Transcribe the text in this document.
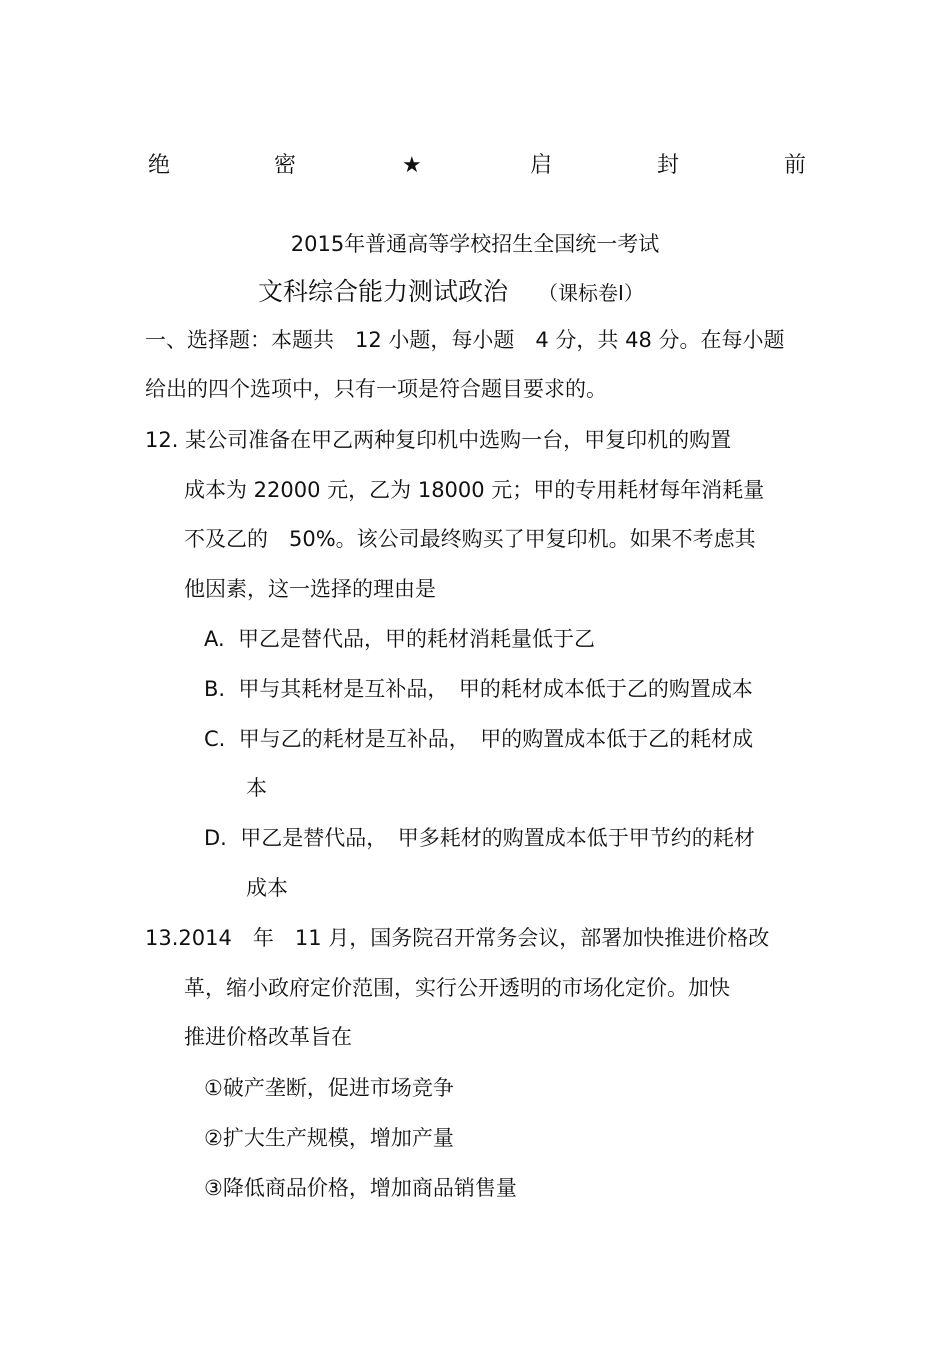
绝	密	★	启	封	前
2015年普通高等学校招生全国统一考试
文科综合能力测试政治 （课标卷Ⅰ）
一、选择题：本题共　12 小题，每小题　4 分，共 48 分。在每小题
给出的四个选项中，只有一项是符合题目要求的。
12. 某公司准备在甲乙两种复印机中选购一台，甲复印机的购置
成本为 22000 元，乙为 18000 元；甲的专用耗材每年消耗量
不及乙的　50%。该公司最终购买了甲复印机。如果不考虑其
他因素，这一选择的理由是
A.  甲乙是替代品，甲的耗材消耗量低于乙
B.  甲与其耗材是互补品，　甲的耗材成本低于乙的购置成本
C.  甲与乙的耗材是互补品，　甲的购置成本低于乙的耗材成
本
D.  甲乙是替代品，　甲多耗材的购置成本低于甲节约的耗材
成本
13.2014　年　11 月，国务院召开常务会议，部署加快推进价格改
革，缩小政府定价范围，实行公开透明的市场化定价。加快
推进价格改革旨在
①破产垄断，促进市场竞争
②扩大生产规模，增加产量
③降低商品价格，增加商品销售量
